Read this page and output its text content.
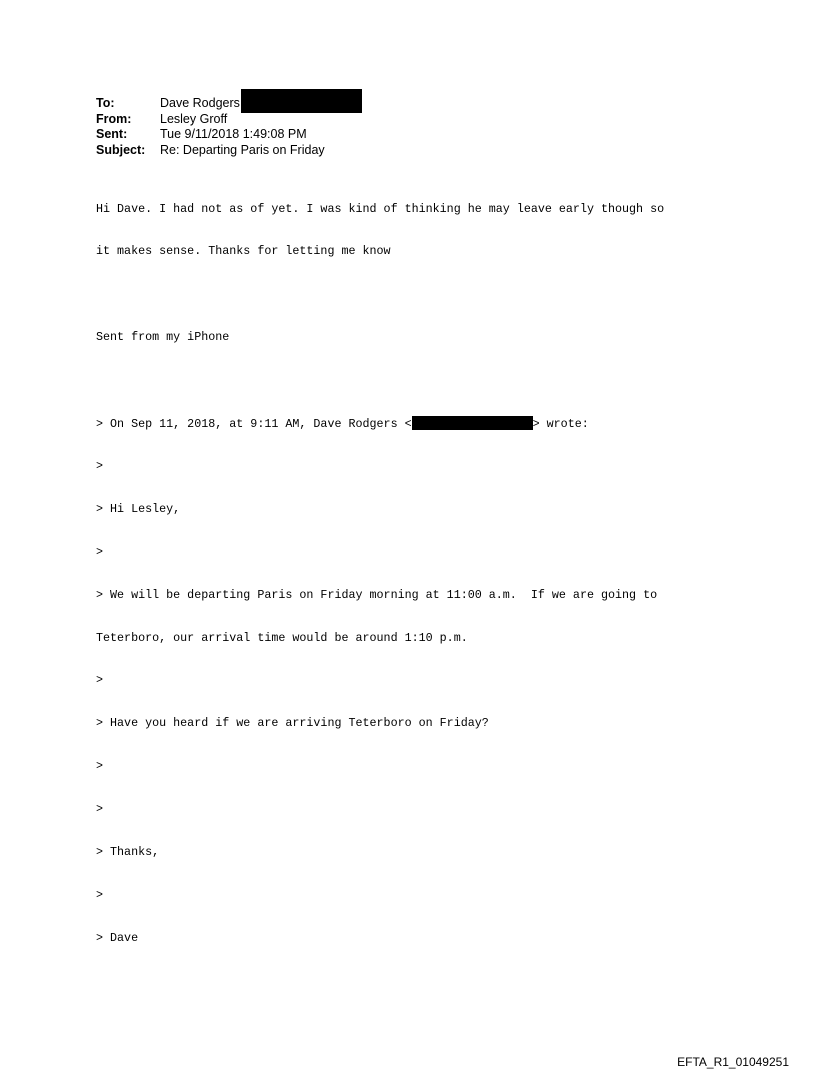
To:	Dave Rodgers
From:	Lesley Groff
Sent:	Tue 9/11/2018 1:49:08 PM
Subject:	Re: Departing Paris on Friday

Hi Dave. I had not as of yet. I was kind of thinking he may leave early though so

it makes sense. Thanks for letting me know

Sent from my iPhone

> On Sep 11, 2018, at 9:11 AM, Dave Rodgers <	> wrote:

>

> Hi Lesley,

>

> We will be departing Paris on Friday morning at 11:00 a.m.  If we are going to

Teterboro, our arrival time would be around 1:10 p.m.

>

> Have you heard if we are arriving Teterboro on Friday?

>

>

> Thanks,

>

> Dave

EFTA_R1_01049251
